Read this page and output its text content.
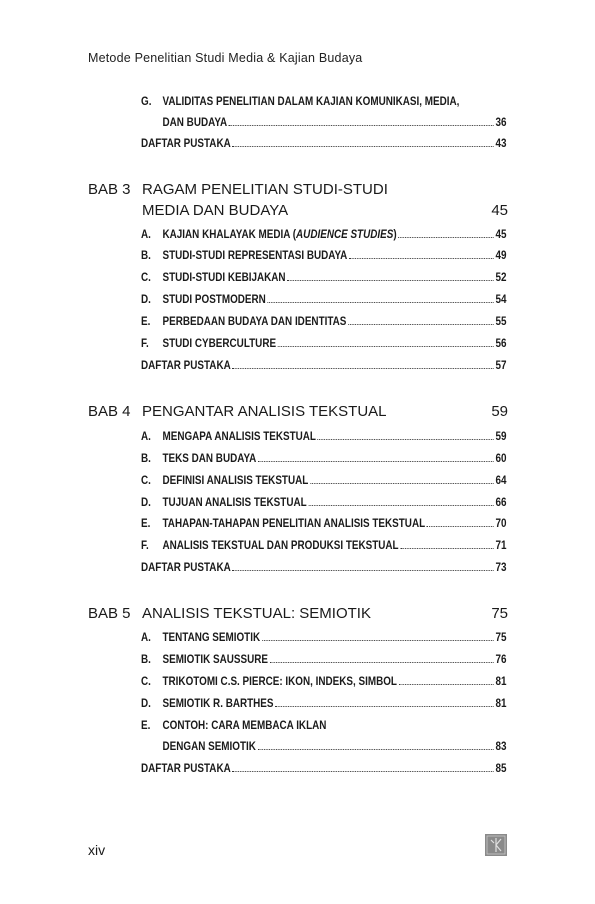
Metode Penelitian Studi Media & Kajian Budaya
G. VALIDITAS PENELITIAN DALAM KAJIAN KOMUNIKASI, MEDIA,
DAN BUDAYA	36
DAFTAR PUSTAKA	43
BAB 3 RAGAM PENELITIAN STUDI-STUDI
MEDIA DAN BUDAYA	45
A.	KAJIAN KHALAYAK MEDIA (AUDIENCE STUDIES)	45
B.	STUDI-STUDI REPRESENTASI BUDAYA	49
C.	STUDI-STUDI KEBIJAKAN	52
D.	STUDI POSTMODERN	54
E.	PERBEDAAN BUDAYA DAN IDENTITAS	55
F.	STUDI CYBERCULTURE	56
DAFTAR PUSTAKA	57
BAB 4 PENGANTAR ANALISIS TEKSTUAL	59
A.	MENGAPA ANALISIS TEKSTUAL	59
B.	TEKS DAN BUDAYA	60
C.	DEFINISI ANALISIS TEKSTUAL	64
D.	TUJUAN ANALISIS TEKSTUAL	66
E.	TAHAPAN-TAHAPAN PENELITIAN ANALISIS TEKSTUAL	70
F.	ANALISIS TEKSTUAL DAN PRODUKSI TEKSTUAL	71
DAFTAR PUSTAKA	73
BAB 5 ANALISIS TEKSTUAL: SEMIOTIK	75
A.	TENTANG SEMIOTIK	75
B.	SEMIOTIK SAUSSURE	76
C.	TRIKOTOMI C.S. PIERCE: IKON, INDEKS, SIMBOL	81
D.	SEMIOTIK R. BARTHES	81
E.	CONTOH: CARA MEMBACA IKLAN
DENGAN SEMIOTIK	83
DAFTAR PUSTAKA	85
xiv
